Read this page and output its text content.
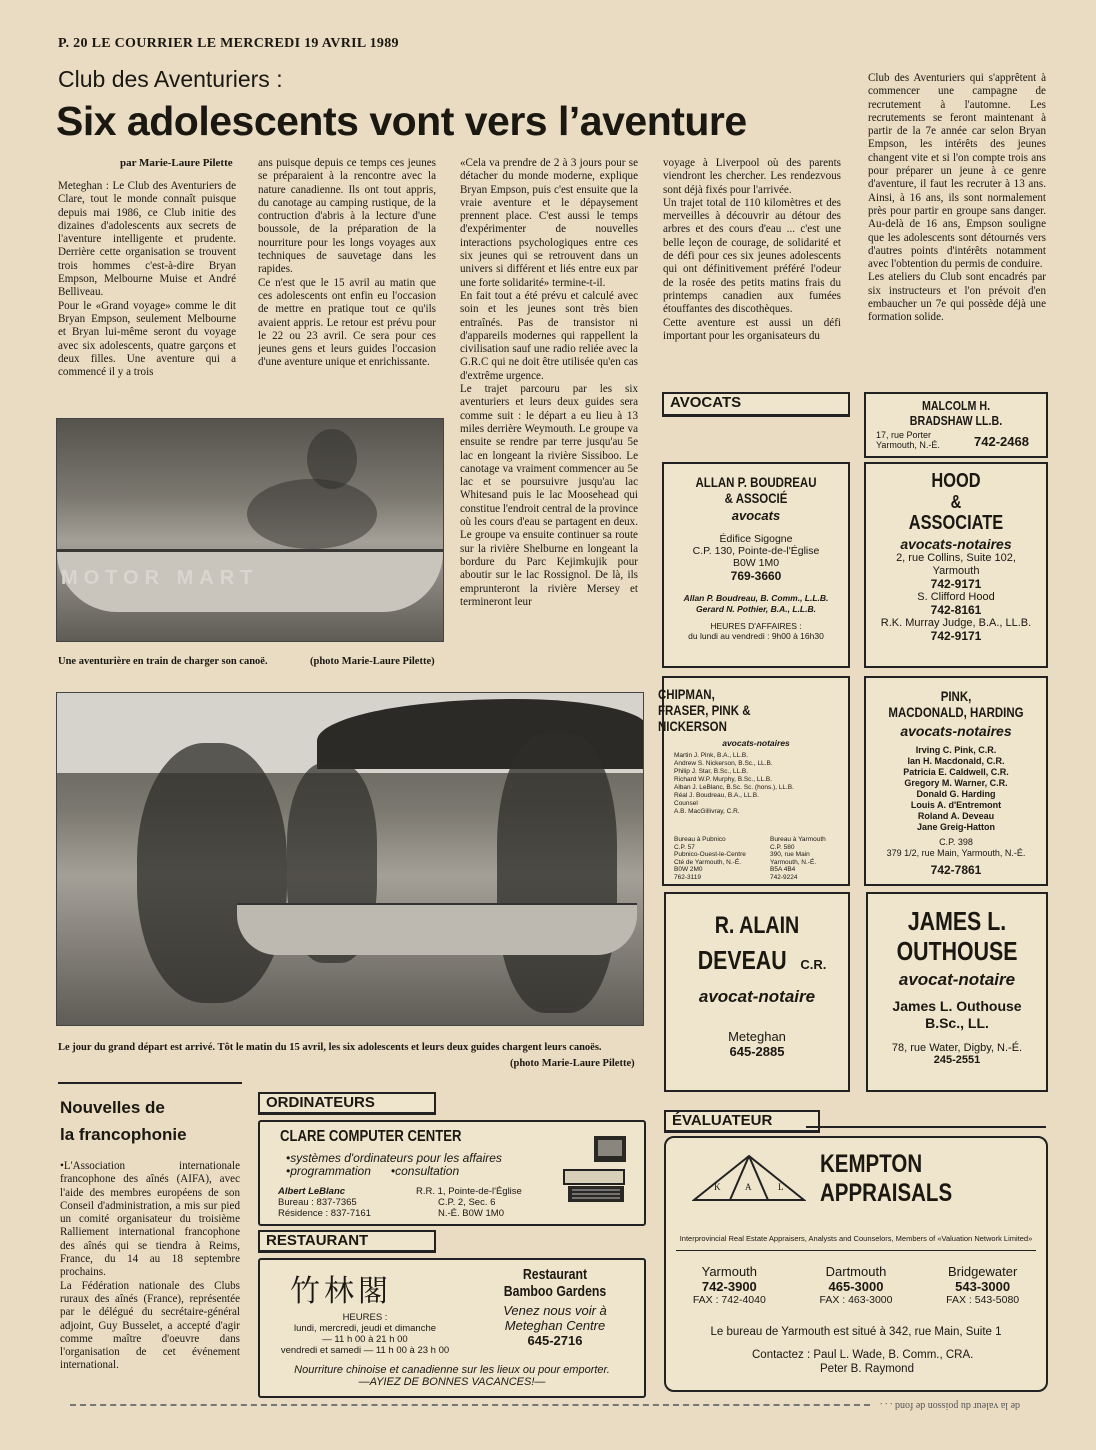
P. 20 LE COURRIER LE MERCREDI 19 AVRIL 1989
Club des Aventuriers :
Six adolescents vont vers l’aventure
par Marie-Laure Pilette
Meteghan : Le Club des Aventuriers de Clare, tout le monde connaît puisque depuis mai 1986, ce Club initie des dizaines d'adolescents aux secrets de l'aventure intelligente et prudente. Derrière cette organisation se trouvent trois hommes c'est-à-dire Bryan Empson, Melbourne Muise et André Belliveau.
Pour le «Grand voyage» comme le dit Bryan Empson, seulement Melbourne et Bryan lui-même seront du voyage avec six adolescents, quatre garçons et deux filles. Une aventure qui a commencé il y a trois
ans puisque depuis ce temps ces jeunes se préparaient à la rencontre avec la nature canadienne. Ils ont tout appris, du canotage au camping rustique, de la contruction d'abris à la lecture d'une boussole, de la préparation de la nourriture pour les longs voyages aux techniques de sauvetage dans les rapides.
Ce n'est que le 15 avril au matin que ces adolescents ont enfin eu l'occasion de mettre en pratique tout ce qu'ils avaient appris. Le retour est prévu pour le 22 ou 23 avril. Ce sera pour ces jeunes gens et leurs guides l'occasion d'une aventure unique et enrichissante.
«Cela va prendre de 2 à 3 jours pour se détacher du monde moderne, explique Bryan Empson, puis c'est ensuite que la vraie aventure et le dépaysement prennent place. C'est aussi le temps d'expérimenter de nouvelles interactions psychologiques entre ces six jeunes qui se retrouvent dans un univers si différent et liés entre eux par une forte solidarité» termine-t-il.
En fait tout a été prévu et calculé avec soin et les jeunes sont très bien entraînés. Pas de transistor ni d'appareils modernes qui rappellent la civilisation sauf une radio reliée avec la G.R.C qui ne doit être utilisée qu'en cas d'extrême urgence.
Le trajet parcouru par les six aventuriers et leurs deux guides sera comme suit : le départ a eu lieu à 13 miles derrière Weymouth. Le groupe va ensuite se rendre par terre jusqu'au 5e lac en longeant la rivière Sissiboo. Le canotage va vraiment commencer au 5e lac et se poursuivre jusqu'au lac Whitesand puis le lac Moosehead qui constitue l'endroit central de la province où les cours d'eau se partagent en deux. Le groupe va ensuite continuer sa route sur la rivière Shelburne en longeant la bordure du Parc Kejimkujik pour aboutir sur le lac Rossignol. De là, ils emprunteront la rivière Mersey et termineront leur
voyage à Liverpool où des parents viendront les chercher. Les rendezvous sont déjà fixés pour l'arrivée.
Un trajet total de 110 kilomètres et des merveilles à découvrir au détour des arbres et des cours d'eau ... c'est une belle leçon de courage, de solidarité et de défi pour ces six jeunes adolescents qui ont définitivement préféré l'odeur de la rosée des petits matins frais du printemps canadien aux fumées étouffantes des discothèques.
Cette aventure est aussi un défi important pour les organisateurs du
Club des Aventuriers qui s'apprêtent à commencer une campagne de recrutement à l'automne. Les recrutements se feront maintenant à partir de la 7e année car selon Bryan Empson, les intérêts des jeunes changent vite et si l'on compte trois ans pour préparer un jeune à ce genre d'aventure, il faut les recruter à 13 ans. Ainsi, à 16 ans, ils sont normalement près pour partir en groupe sans danger. Au-delà de 16 ans, Empson souligne que les adolescents sont détournés vers d'autres points d'intérêts notamment avec l'obtention du permis de conduire.
Les ateliers du Club sont encadrés par six instructeurs et l'on prévoit d'en embaucher un 7e qui possède déjà une formation solide.
MOTOR MART
Une aventurière en train de charger son canoë.	(photo Marie-Laure Pilette)
Le jour du grand départ est arrivé. Tôt le matin du 15 avril, les six adolescents et leurs deux guides chargent leurs canoës.
(photo Marie-Laure Pilette)
Nouvelles de
la francophonie
•L'Association internationale francophone des aînés (AIFA), avec l'aide des membres européens de son Conseil d'administration, a mis sur pied un comité organisateur du troisième Ralliement international francophone des aînés qui se tiendra à Reims, France, du 14 au 18 septembre prochains.
La Fédération nationale des Clubs ruraux des aînés (France), représentée par le délégué du secrétaire-général adjoint, Guy Busselet, a accepté d'agir comme maître d'oeuvre dans l'organisation de cet événement international.
AVOCATS	MALCOLM H.
BRADSHAW LL.B.
17, rue Porter
Yarmouth, N.-É.	742-2468
ALLAN P. BOUDREAU
& ASSOCIÉ
avocats
Édifice Sigogne
C.P. 130, Pointe-de-l'Église
B0W 1M0
769-3660
Allan P. Boudreau, B. Comm., L.L.B.
Gerard N. Pothier, B.A., L.L.B.
HEURES D'AFFAIRES :
du lundi au vendredi : 9h00 à 16h30
HOOD
&
ASSOCIATE
avocats-notaires
2, rue Collins, Suite 102,
Yarmouth
742-9171
S. Clifford Hood
742-8161
R.K. Murray Judge, B.A., LL.B.
742-9171
CHIPMAN,
FRASER, PINK &
NICKERSON
avocats-notaires
Martin J. Pink, B.A., LL.B.
Andrew S. Nickerson, B.Sc., LL.B.
Philip J. Star, B.Sc., LL.B.
Richard W.P. Murphy, B.Sc., LL.B.
Alban J. LeBlanc, B.Sc. Sc. (hons.), LL.B.
Réal J. Boudreau, B.A., LL.B.
Counsel
A.B. MacGillivray, C.R.
Bureau à Pubnico
C.P. 57
Pubnico-Ouest-le-Centre
Cté de Yarmouth, N.-É.
B0W 2M0
762-3119
Bureau à Yarmouth
C.P. 580
390, rue Main
Yarmouth, N.-É.
B5A 4B4
742-9224
PINK,
MACDONALD, HARDING
avocats-notaires
Irving C. Pink, C.R.
Ian H. Macdonald, C.R.
Patricia E. Caldwell, C.R.
Gregory M. Warner, C.R.
Donald G. Harding
Louis A. d'Entremont
Roland A. Deveau
Jane Greig-Hatton
C.P. 398
379 1/2, rue Main, Yarmouth, N.-É.
742-7861
R. ALAIN
DEVEAU C.R.
avocat-notaire
Meteghan
645-2885
JAMES L.
OUTHOUSE
avocat-notaire
James L. Outhouse
B.Sc., LL.
78, rue Water, Digby, N.-É.
245-2551
ORDINATEURS
CLARE COMPUTER CENTER
•systèmes d'ordinateurs pour les affaires
•programmation      •consultation
Albert LeBlanc
Bureau : 837-7365
Résidence : 837-7161
R.R. 1, Pointe-de-l'Église
C.P. 2, Sec. 6
N.-É. B0W 1M0
RESTAURANT
竹林閣
HEURES :
lundi, mercredi, jeudi et dimanche
— 11 h 00 à 21 h 00
vendredi et samedi — 11 h 00 à 23 h 00
Restaurant
Bamboo Gardens
Venez nous voir à
Meteghan Centre
645-2716
Nourriture chinoise et canadienne sur les lieux ou pour emporter.
—AYIEZ DE BONNES VACANCES!—
ÉVALUATEUR
K	A	L
KEMPTON
APPRAISALS
Interprovincial Real Estate Appraisers, Analysts and Counselors, Members of «Valuation Network Limited»
Yarmouth
742-3900
FAX : 742-4040
Dartmouth
465-3000
FAX : 463-3000
Bridgewater
543-3000
FAX : 543-5080
Le bureau de Yarmouth est situé à 342, rue Main, Suite 1
Contactez : Paul L. Wade, B. Comm., CRA.
Peter B. Raymond
de la valeur du poisson de fond . . .
